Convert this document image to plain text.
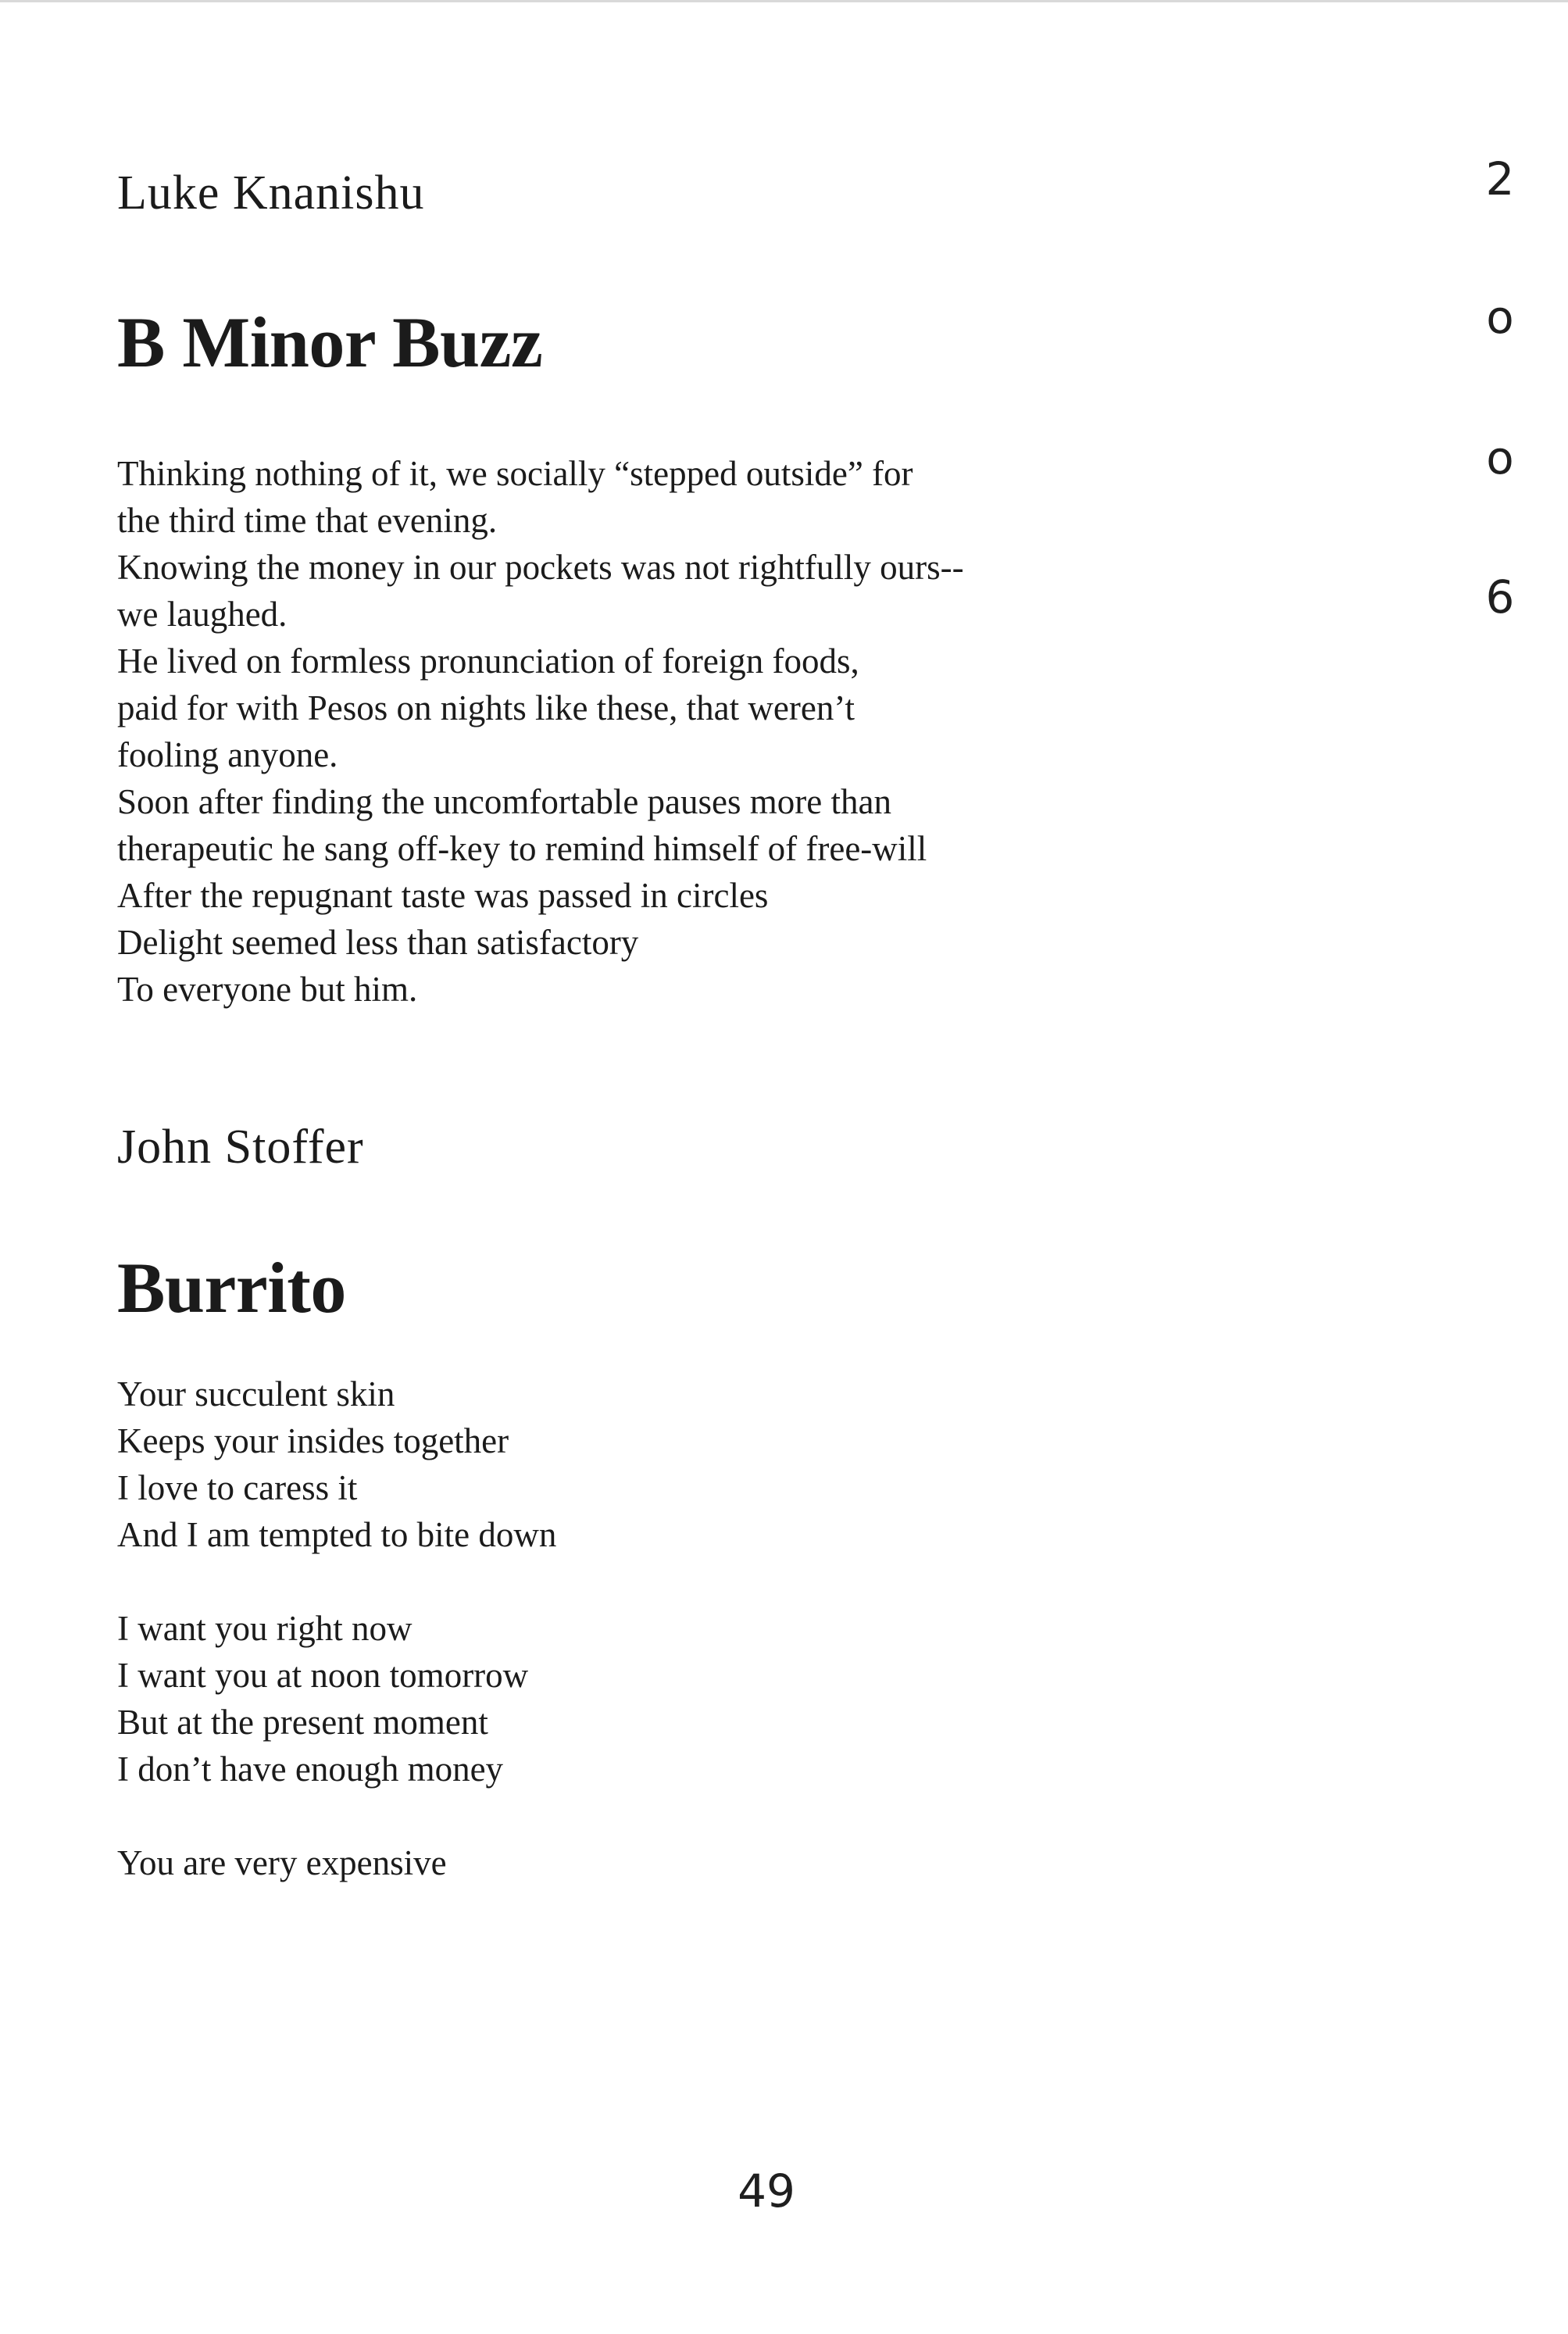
Luke Knanishu
B Minor Buzz
Thinking nothing of it, we socially “stepped outside” for
the third time that evening.
Knowing the money in our pockets was not rightfully ours--
we laughed.
He lived on formless pronunciation of foreign foods,
paid for with Pesos on nights like these, that weren’t
fooling anyone.
Soon after finding the uncomfortable pauses more than
therapeutic he sang off-key to remind himself of free-will
After the repugnant taste was passed in circles
Delight seemed less than satisfactory
To everyone but him.
John Stoffer
Burrito
Your succulent skin
Keeps your insides together
I love to caress it
And I am tempted to bite down
I want you right now
I want you at noon tomorrow
But at the present moment
I don’t have enough money
You are very expensive
2
o
o
6
49
